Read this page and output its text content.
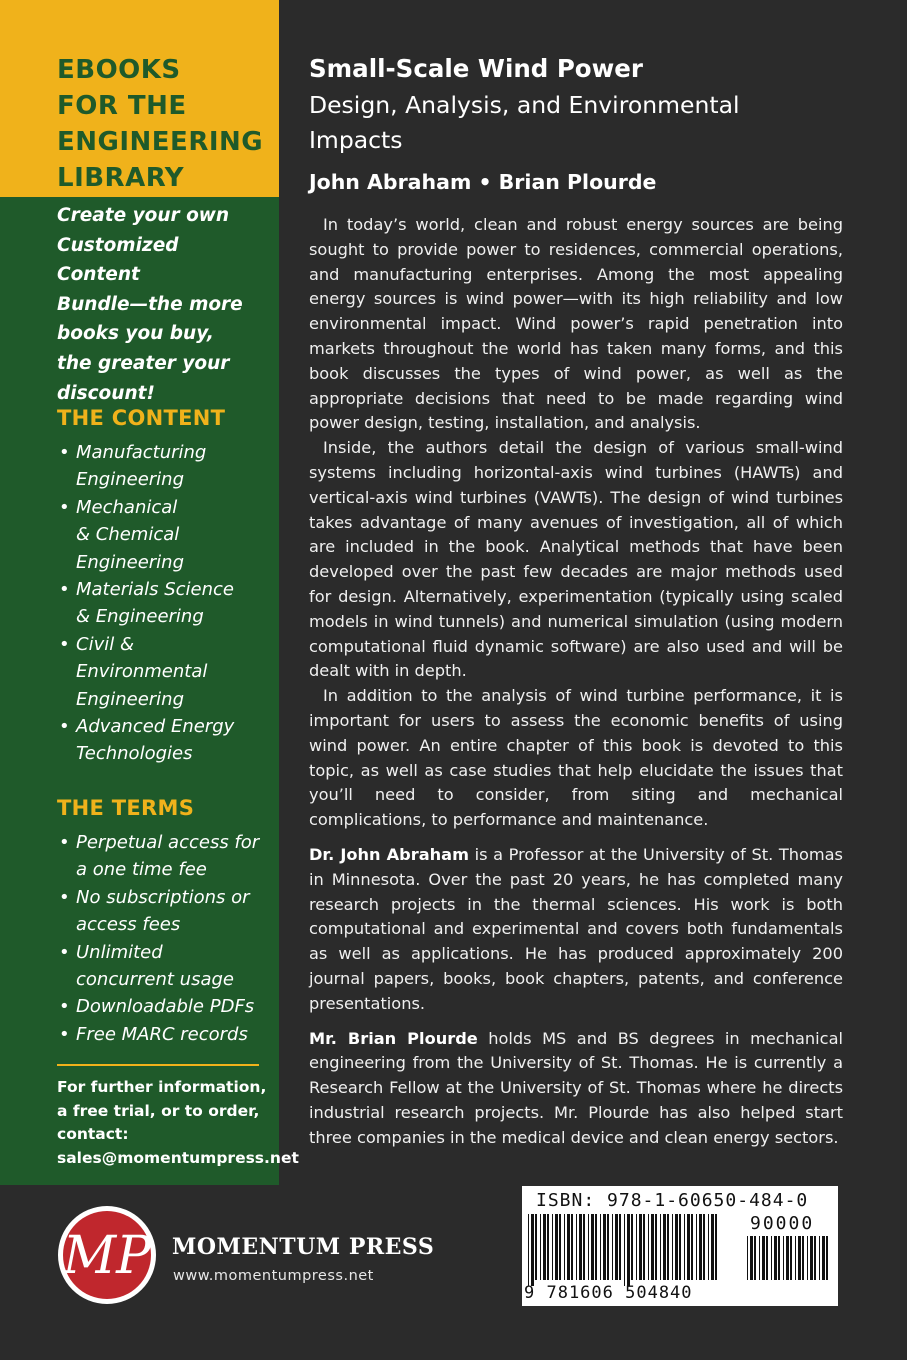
EBOOKS
FOR THE
ENGINEERING
LIBRARY
Create your own
Customized Content
Bundle—the more
books you buy,
the greater your
discount!
THE CONTENT
• Manufacturing
Engineering
• Mechanical
& Chemical
Engineering
• Materials Science
& Engineering
• Civil &
Environmental
Engineering
• Advanced Energy
Technologies
THE TERMS
• Perpetual access for
a one time fee
• No subscriptions or
access fees
• Unlimited
concurrent usage
• Downloadable PDFs
• Free MARC records
For further information,
a free trial, or to order,
contact:
sales@momentumpress.net
Small-Scale Wind Power
Design, Analysis, and Environmental
Impacts
John Abraham • Brian Plourde

In today’s world, clean and robust energy sources are being sought to provide power to residences, commercial operations, and manufacturing enterprises. Among the most appealing energy sources is wind power—with its high reliability and low environmental impact. Wind power’s rapid penetration into markets throughout the world has taken many forms, and this book discusses the types of wind power, as well as the appropriate decisions that need to be made regarding wind power design, testing, installation, and analysis.

Inside, the authors detail the design of various small-wind systems including horizontal-axis wind turbines (HAWTs) and vertical-axis wind turbines (VAWTs). The design of wind turbines takes advantage of many avenues of investigation, all of which are included in the book. Analytical methods that have been developed over the past few decades are major methods used for design. Alternatively, experimentation (typically using scaled models in wind tunnels) and numerical simulation (using modern computational fluid dynamic software) are also used and will be dealt with in depth.

In addition to the analysis of wind turbine performance, it is important for users to assess the economic benefits of using wind power. An entire chapter of this book is devoted to this topic, as well as case studies that help elucidate the issues that you’ll need to consider, from siting and mechanical complications, to performance and maintenance.

Dr. John Abraham is a Professor at the University of St. Thomas in Minnesota. Over the past 20 years, he has completed many research projects in the thermal sciences. His work is both computational and experimental and covers both fundamentals as well as applications. He has produced approximately 200 journal papers, books, book chapters, patents, and conference presentations.

Mr. Brian Plourde holds MS and BS degrees in mechanical engineering from the University of St. Thomas. He is currently a Research Fellow at the University of St. Thomas where he directs industrial research projects. Mr. Plourde has also helped start three companies in the medical device and clean energy sectors.

MP MOMENTUM PRESS
www.momentumpress.net
ISBN: 978-1-60650-484-0
90000
9 781606 504840
